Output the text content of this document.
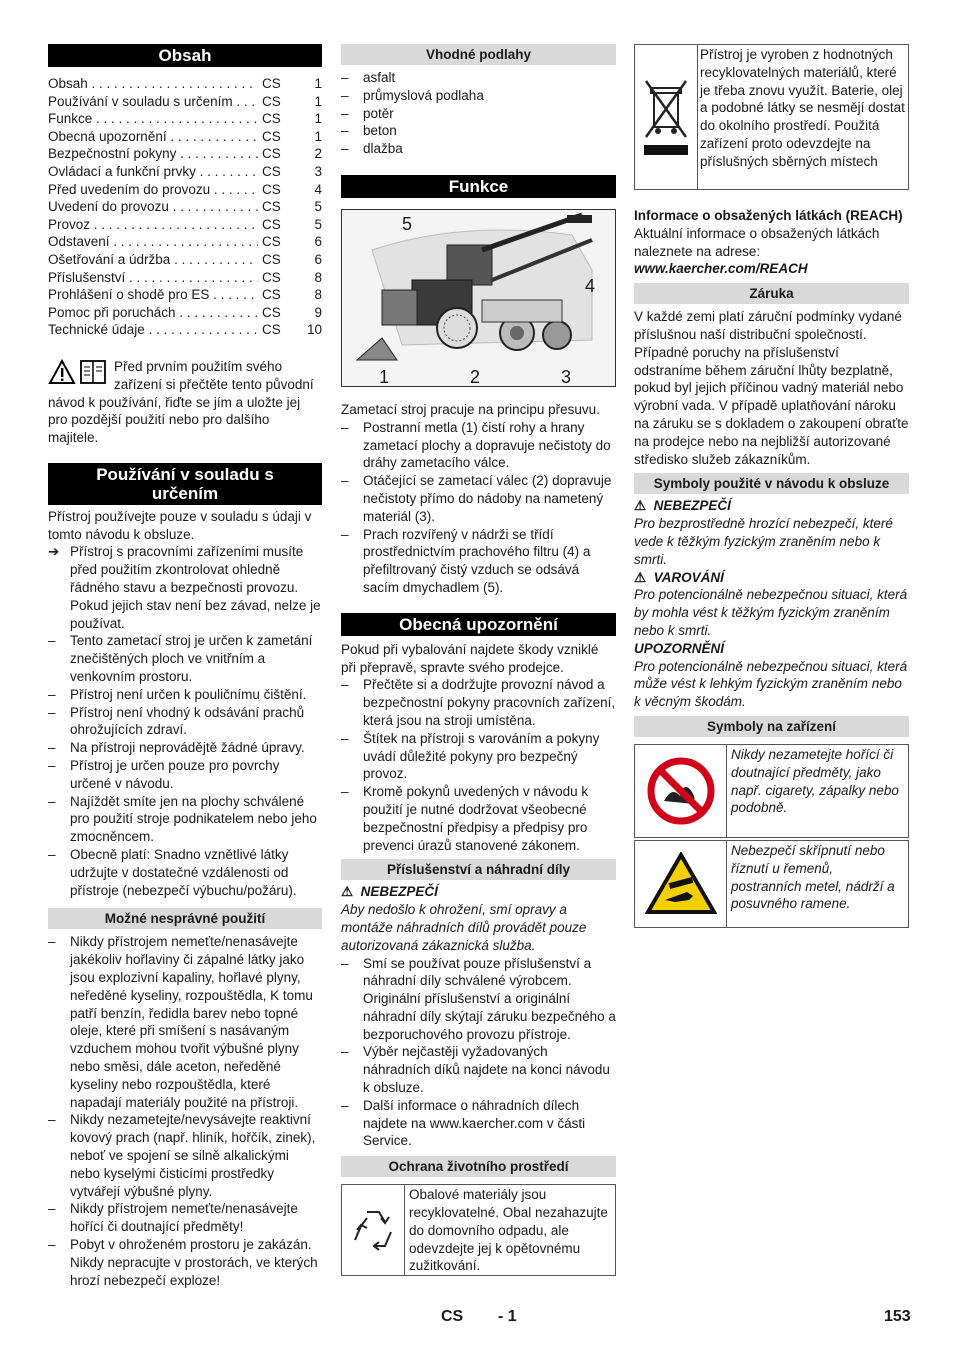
Obsah
Obsah . . .	CS	1
Používání v souladu s určením . . .	CS	1
Funkce . . .	CS	1
Obecná upozornění . . .	CS	1
Bezpečnostní pokyny . . .	CS	2
Ovládací a funkční prvky . . .	CS	3
Před uvedením do provozu . . .	CS	4
Uvedení do provozu . . .	CS	5
Provoz . . .	CS	5
Odstavení . . .	CS	6
Ošetřování a údržba . . .	CS	6
Příslušenství . . .	CS	8
Prohlášení o shodě pro ES . . .	CS	8
Pomoc při poruchách . . .	CS	9
Technické údaje . . .	CS	10

Před prvním použitím svého zařízení si přečtěte tento původní návod k používání, řiďte se jím a uložte jej pro pozdější použití nebo pro dalšího majitele.

Používání v souladu s určením

Přístroj používejte pouze v souladu s údaji v tomto návodu k obsluze.

➔ Přístroj s pracovními zařízeními musíte před použitím zkontrolovat ohledně řádného stavu a bezpečnosti provozu. Pokud jejich stav není bez závad, nelze je používat.
– Tento zametací stroj je určen k zametání znečištěných ploch ve vnitřním a venkovním prostoru.
– Přístroj není určen k pouličnímu čištění.
– Přístroj není vhodný k odsávání prachů ohrožujících zdraví.
– Na přístroji neprovádějtě žádné úpravy.
– Přístroj je určen pouze pro povrchy určené v návodu.
– Najíždět smíte jen na plochy schválené pro použití stroje podnikatelem nebo jeho zmocněncem.
– Obecně platí: Snadno vznětlivé látky udržujte v dostatečné vzdálenosti od přístroje (nebezpečí výbuchu/požáru).
Možné nesprávné použití
– Nikdy přístrojem nemeťte/nenasávejte jakékoliv hořlaviny či zápalné látky jako jsou explozivní kapaliny, hořlavé plyny, neředěné kyseliny, rozpouštědla, K tomu patří benzín, ředidla barev nebo topné oleje, které při smíšení s nasávaným vzduchem mohou tvořit výbušné plyny nebo směsi, dále aceton, neředěné kyseliny nebo rozpouštědla, které napadají materiály použité na přístroji.
– Nikdy nezametejte/nevysávejte reaktivní kovový prach (např. hliník, hořčík, zinek), neboť ve spojení se silně alkalickými nebo kyselými čisticími prostředky vytvářejí výbušné plyny.
– Nikdy přístrojem nemeťte/nenasávejte hořící či doutnající předměty!
– Pobyt v ohroženém prostoru je zakázán. Nikdy nepracujte v prostorách, ve kterých hrozí nebezpečí exploze!
Vhodné podlahy
– asfalt
– průmyslová podlaha
– potěr
– beton
– dlažba
Funkce
5
4
1	2	3

Zametací stroj pracuje na principu přesuvu.

– Postranní metla (1) čistí rohy a hrany zametací plochy a dopravuje nečistoty do dráhy zametacího válce.
– Otáčející se zametací válec (2) dopravuje nečistoty přímo do nádoby na nametený materiál (3).
– Prach rozvířený v nádrži se třídí prostřednictvím prachového filtru (4) a přefiltrovaný čistý vzduch se odsává sacím dmychadlem (5).
Obecná upozornění

Pokud při vybalování najdete škody vzniklé při přepravě, spravte svého prodejce.

– Přečtěte si a dodržujte provozní návod a bezpečnostní pokyny pracovních zařízení, která jsou na stroji umístěna.
– Štítek na přístroji s varováním a pokyny uvádí důležité pokyny pro bezpečný provoz.
– Kromě pokynů uvedených v návodu k použití je nutné dodržovat všeobecné bezpečnostní předpisy a předpisy pro prevenci úrazů stanovené zákonem.
Příslušenství a náhradní díly

⚠ NEBEZPEČÍ

Aby nedošlo k ohrožení, smí opravy a montáže náhradních dílů provádět pouze autorizovaná zákaznická služba.

– Smí se používat pouze příslušenství a náhradní díly schválené výrobcem. Originální příslušenství a originální náhradní díly skýtají záruku bezpečného a bezporuchového provozu přístroje.
– Výběr nejčastěji vyžadovaných náhradních díků najdete na konci návodu k obsluze.
– Další informace o náhradních dílech najdete na www.kaercher.com v části Service.
Ochrana životního prostředí

Obalové materiály jsou recyklovatelné. Obal nezahazujte do domovního odpadu, ale odevzdejte jej k opětovnému zužitkování.

Přístroj je vyroben z hodnotných recyklovatelných materiálů, které je třeba znovu využít. Baterie, olej a podobné látky se nesmějí dostat do okolního prostředí. Použitá zařízení proto odevzdejte na příslušných sběrných místech

Informace o obsažených látkách (REACH)

Aktuální informace o obsažených látkách naleznete na adrese:

www.kaercher.com/REACH

Záruka

V každé zemi platí záruční podmínky vydané příslušnou naší distribuční společností. Případné poruchy na příslušenství odstraníme během záruční lhůty bezplatně, pokud byl jejich příčinou vadný materiál nebo výrobní vada. V případě uplatňování nároku na záruku se s dokladem o zakoupení obraťte na prodejce nebo na nejbližší autorizované středisko služeb zákazníkům.

Symboly použité v návodu k obsluze

⚠ NEBEZPEČÍ

Pro bezprostředně hrozící nebezpečí, které vede k těžkým fyzickým zraněním nebo k smrti.

⚠ VAROVÁNÍ

Pro potencionálně nebezpečnou situaci, která by mohla vést k těžkým fyzickým zraněním nebo k smrti.

UPOZORNĚNÍ

Pro potencionálně nebezpečnou situaci, která může vést k lehkým fyzickým zraněním nebo k věcným škodám.

Symboly na zařízení

Nikdy nezametejte hořící či doutnající předměty, jako např. cigarety, zápalky nebo podobně.

Nebezpečí skřípnutí nebo říznutí u řemenů, postranních metel, nádrží a posuvného ramene.

CS - 1	153
